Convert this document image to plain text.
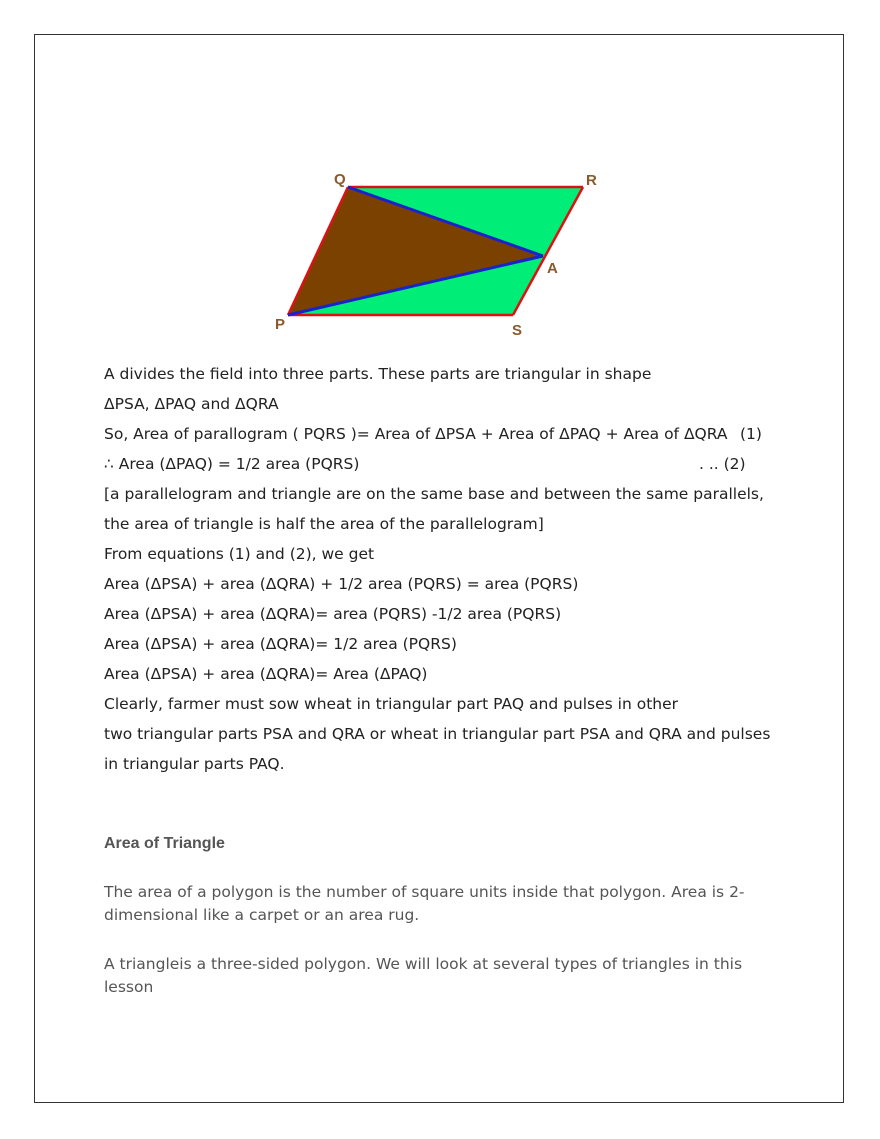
Q	R
A
P	S
A divides the field into three parts. These parts are triangular in shape
ΔPSA, ΔPAQ and ΔQRA
So, Area of parallogram ( PQRS )= Area of ΔPSA + Area of ΔPAQ + Area of ΔQRA (1)
∴ Area (ΔPAQ) = 1/2 area (PQRS)	. .. (2)
[a parallelogram and triangle are on the same base and between the same parallels,
the area of triangle is half the area of the parallelogram]
From equations (1) and (2), we get
Area (ΔPSA) + area (ΔQRA) + 1/2 area (PQRS) = area (PQRS)
Area (ΔPSA) + area (ΔQRA)= area (PQRS) -1/2 area (PQRS)
Area (ΔPSA) + area (ΔQRA)= 1/2 area (PQRS)
Area (ΔPSA) + area (ΔQRA)= Area (ΔPAQ)
Clearly, farmer must sow wheat in triangular part PAQ and pulses in other
two triangular parts PSA and QRA or wheat in triangular part PSA and QRA and pulses
in triangular parts PAQ.
Area of Triangle
The area of a polygon is the number of square units inside that polygon. Area is 2-dimensional like a carpet or an area rug.
A triangleis a three-sided polygon. We will look at several types of triangles in this lesson
